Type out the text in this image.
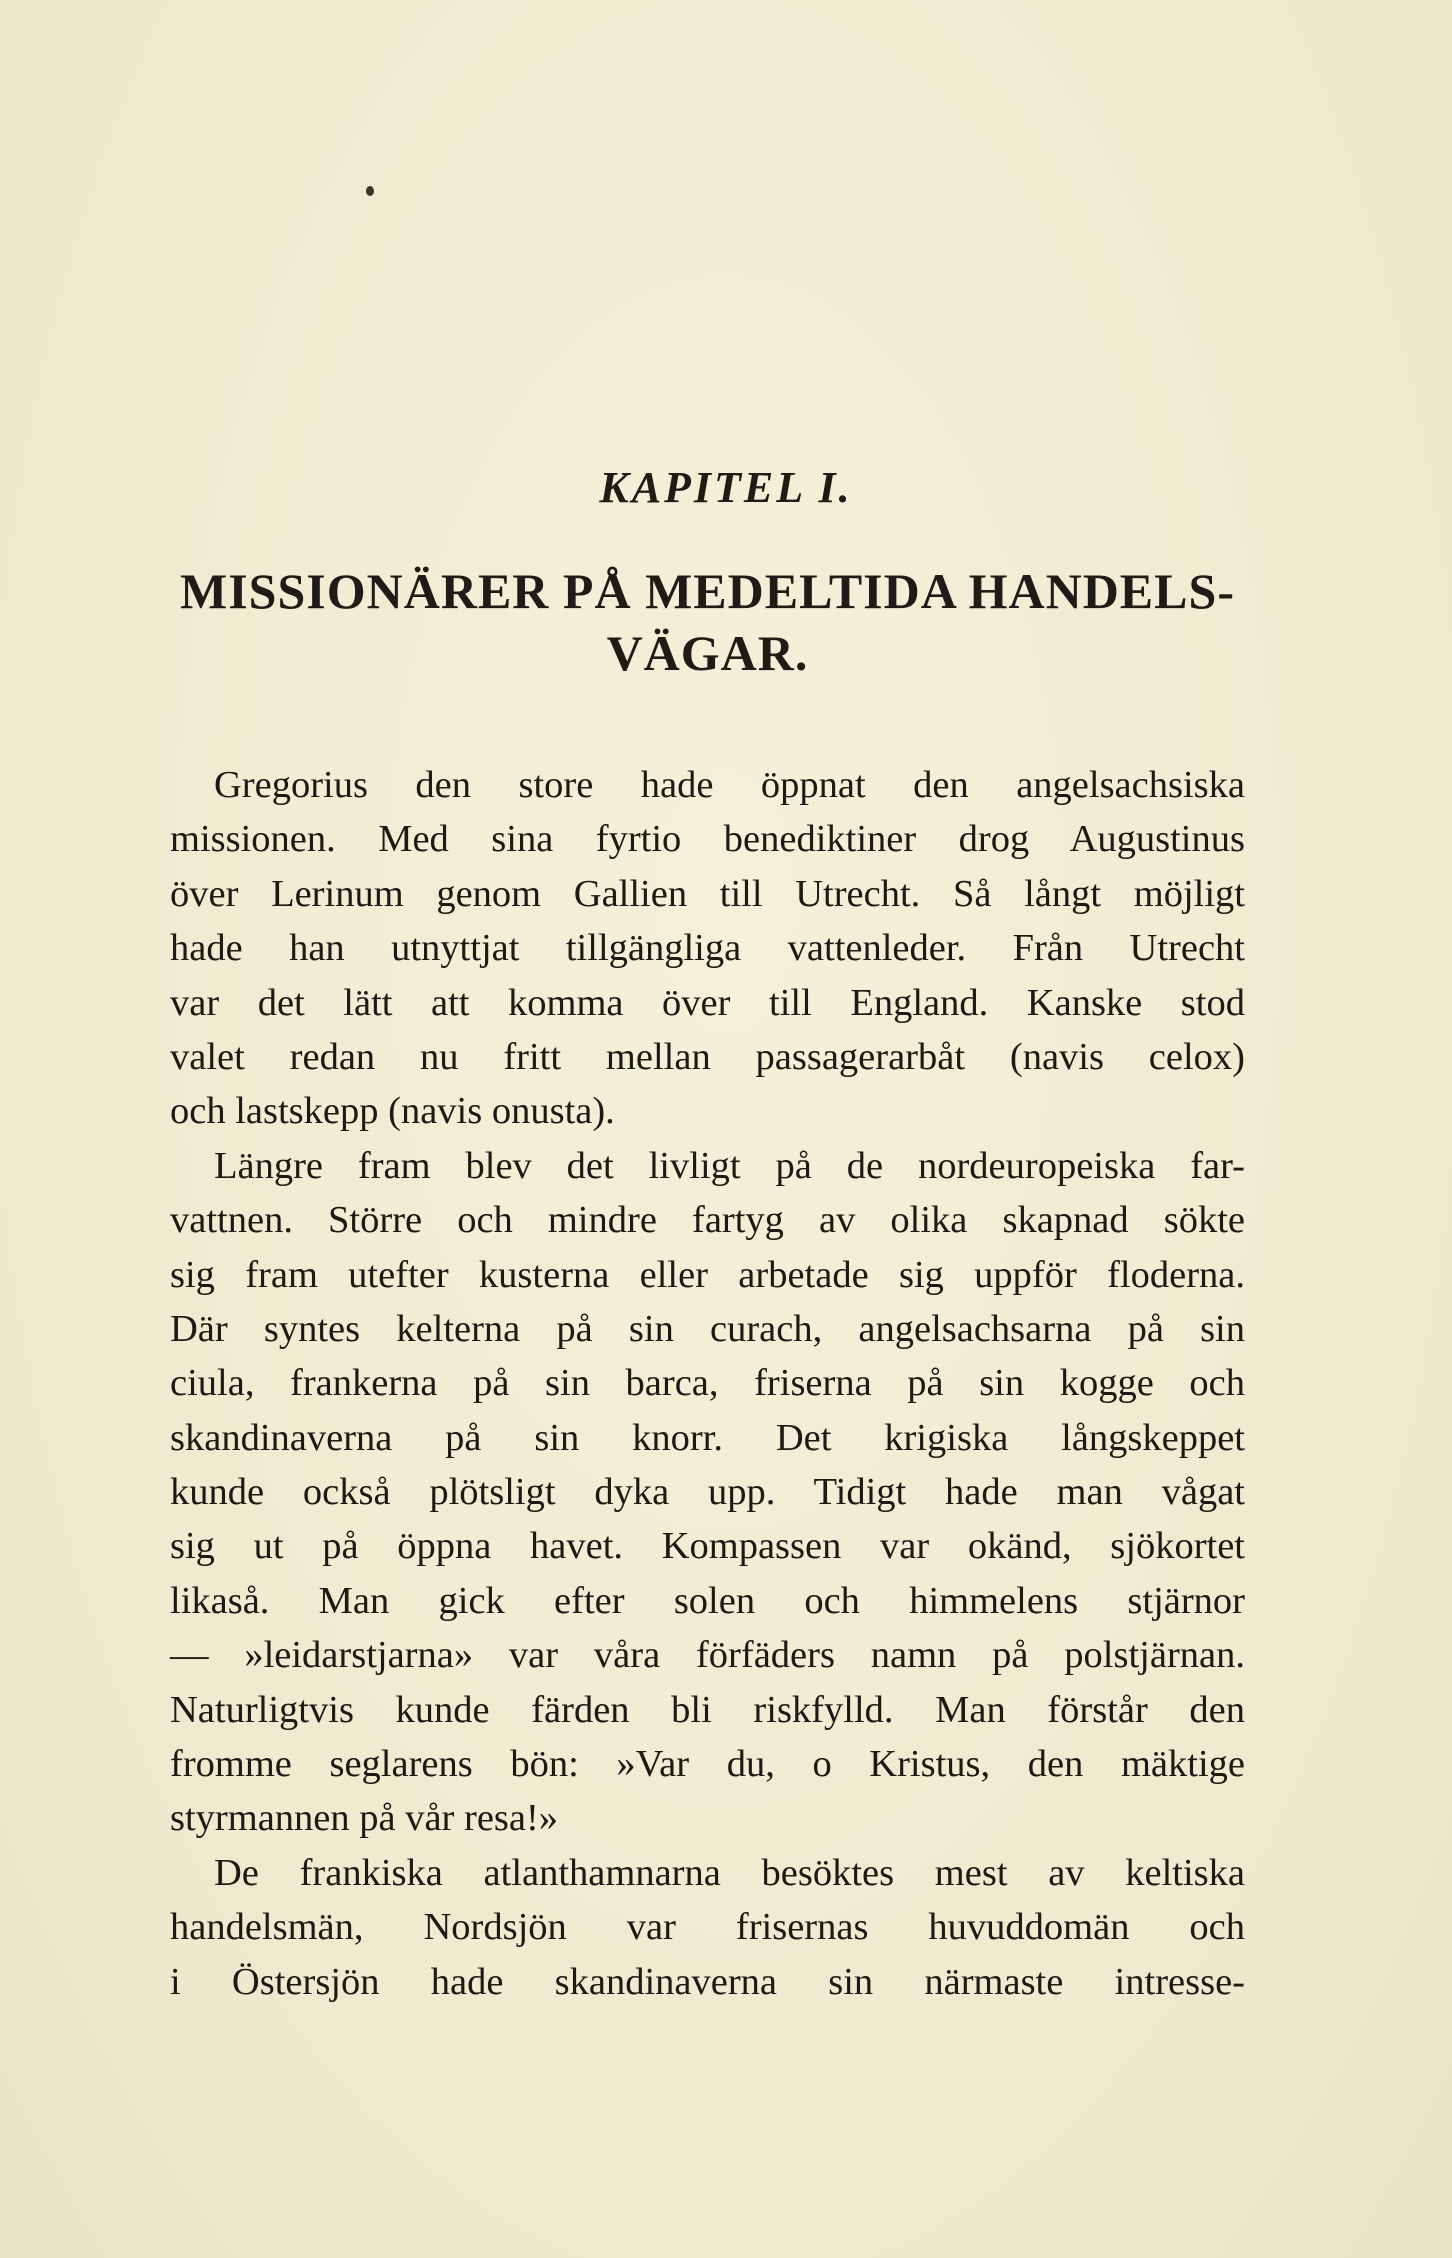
KAPITEL I.
MISSIONÄRER PÅ MEDELTIDA HANDELS-
VÄGAR.
Gregorius den store hade öppnat den angelsachsiska
missionen. Med sina fyrtio benediktiner drog Augustinus
över Lerinum genom Gallien till Utrecht. Så långt möjligt
hade han utnyttjat tillgängliga vattenleder. Från Utrecht
var det lätt att komma över till England. Kanske stod
valet redan nu fritt mellan passagerarbåt (navis celox)
och lastskepp (navis onusta).
Längre fram blev det livligt på de nordeuropeiska far-
vattnen. Större och mindre fartyg av olika skapnad sökte
sig fram utefter kusterna eller arbetade sig uppför floderna.
Där syntes kelterna på sin curach, angelsachsarna på sin
ciula, frankerna på sin barca, friserna på sin kogge och
skandinaverna på sin knorr. Det krigiska långskeppet
kunde också plötsligt dyka upp. Tidigt hade man vågat
sig ut på öppna havet. Kompassen var okänd, sjökortet
likaså. Man gick efter solen och himmelens stjärnor
— »leidarstjarna» var våra förfäders namn på polstjärnan.
Naturligtvis kunde färden bli riskfylld. Man förstår den
fromme seglarens bön: »Var du, o Kristus, den mäktige
styrmannen på vår resa!»
De frankiska atlanthamnarna besöktes mest av keltiska
handelsmän, Nordsjön var frisernas huvuddomän och
i Östersjön hade skandinaverna sin närmaste intresse-
